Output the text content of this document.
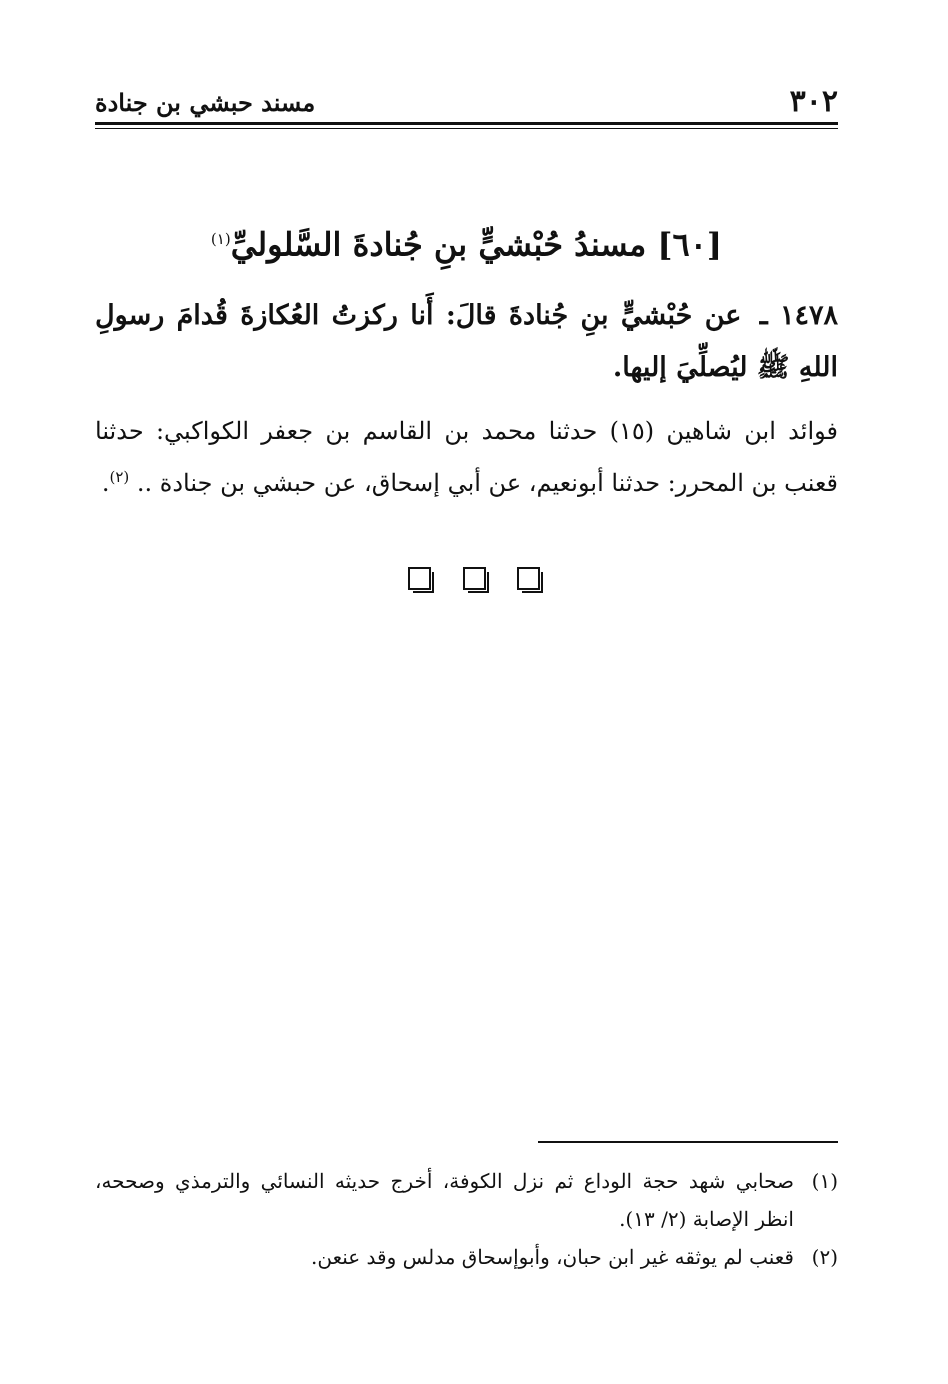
٣٠٢
مسند حبشي بن جنادة
[٦٠] مسندُ حُبْشيٍّ بنِ جُنادةَ السَّلوليِّ$^{(١)}$
١٤٧٨ ـ عن حُبْشيٍّ بنِ جُنادةَ قالَ: أَنا ركزتُ العُكازةَ قُدامَ رسولِ اللهِ ﷺ ليُصلِّيَ إليها.
فوائد ابن شاهين (١٥) حدثنا محمد بن القاسم بن جعفر الكواكبي: حدثنا قعنب بن المحرر: حدثنا أبونعيم، عن أبي إسحاق، عن حبشي بن جنادة .. $^{(٢)}$.

(١)صحابي شهد حجة الوداع ثم نزل الكوفة، أخرج حديثه النسائي والترمذي وصححه، انظر الإصابة (٢/ ١٣).

(٢)قعنب لم يوثقه غير ابن حبان، وأبوإسحاق مدلس وقد عنعن.
